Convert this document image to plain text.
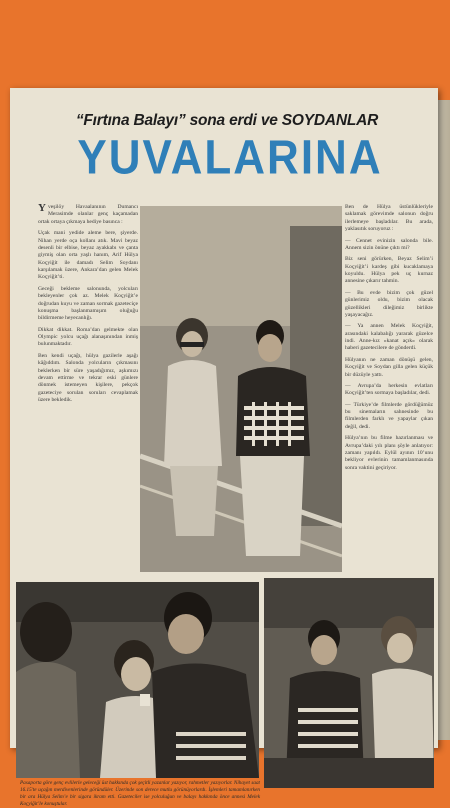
“Fırtına Balayı” sona erdi ve SOYDANLAR
YUVALARINA

Yveşilöy Havaalanının Dumancı Merasimde olanlar genç kaçamadan ortak ortaya çıkmaya hediye basınca :

Uçak mani yedide aleme bere, şiyerde. Nihan yerde oça kollanı atık. Mavi beyaz desenli bir elbise, beyaz ayakkabı ve çanta giymiş olan orta yaşlı hanım, Arif Hülya Koçyiğit ile damadı Selim Soydanı karşılamak üzere, Ankara’dan gelen Melek Koçyiğit’ti.

Geceği bekleme salonunda, yolcuları bekleyenler çok az. Melek Koçyiğit’e doğrudan kuyu ve zaman sormak gazeteciçe konuşma başlanmamışım oluğuğu bildirmeme heyecanlığı.

Dikkat dikkat. Roma’dan gelmekte olan Olympic yolcu uçağı alanaşınından inmiş bulunmaktadır.

Ben kendi uçağı, hülya gazilerle aşağı kâğıddım. Salonda yolcuların çıkmasını beklerken bir süre yaşadığımız, aşkımızı devam ettirme ve tekrar eski günlere dönmek istemeyen kişilere, pekçok gazeteciye sorulan soruları cevaplamak üzere bekledik.

Ben de Hülya üstünlükleriyle saklamak görevimde salonun doğru ilerlemeye başladılar. Bu arada, yaklasıtık soruyoruz :

— Cennet evinizin salonda bile. Annem sizin önüne çıktı mi?

Biz seni görürken, Beyaz Selim’i Koçyiğit’i kardeş gibi kucaklamaya koyuldu. Hülya pek uç kurnaz annesine çıkarır tahmin.

— Bu evde bizim çok güzel günlerimiz oldu, bizim olacak güzellikleri dileğimiz birlikte yaşayacağız.

— Ya annen Melek Koçyiğit, arasındaki kalabalığı yararak güzelce indi. Anne-kız «kanat açık» olarak haberi gazetecilere de gönderdi.

Hülyanın ne zaman dönüşü gelen, Koçyiğit ve Soydan gilla gelen küçük bir düzüyle yattı.

— Avrupa’da herkesin evlatları Koçyiğit’ten sormaya başladılar, dedi.

— Türkiye’de filmlerde gördüğümüz bu sinemaların sahnesinde bu filmlerden farklı ve yapaylar çıkan değil, dedi.

Hülya’nın bu filme hazırlanması ve Avrupa’daki yılı planı şöyle anlatıyor: zamanı yapıldı. Eylül ayının 10’unu bekliyor evlerinin tamamlanmasında sonra vaktini geçiriyor.

Pasaporta göre genç evlilerle geleceği üst hakkında çok şeçitli yazanlar yazıyor, rahmetler yazıyorlar. Nihayet saat 16.15’te uçağın merdivenlerinde göründüler. Üzerinde son derece mutlu görünüyorlardı. İşlemleri tamamlanırken bir ara Hülya Selim’e bir sigara ikram etti. Gazeteciler ise yolculuğun ve balayı hakkında önce annesi Melek Koçyiğit’le konuştular.
